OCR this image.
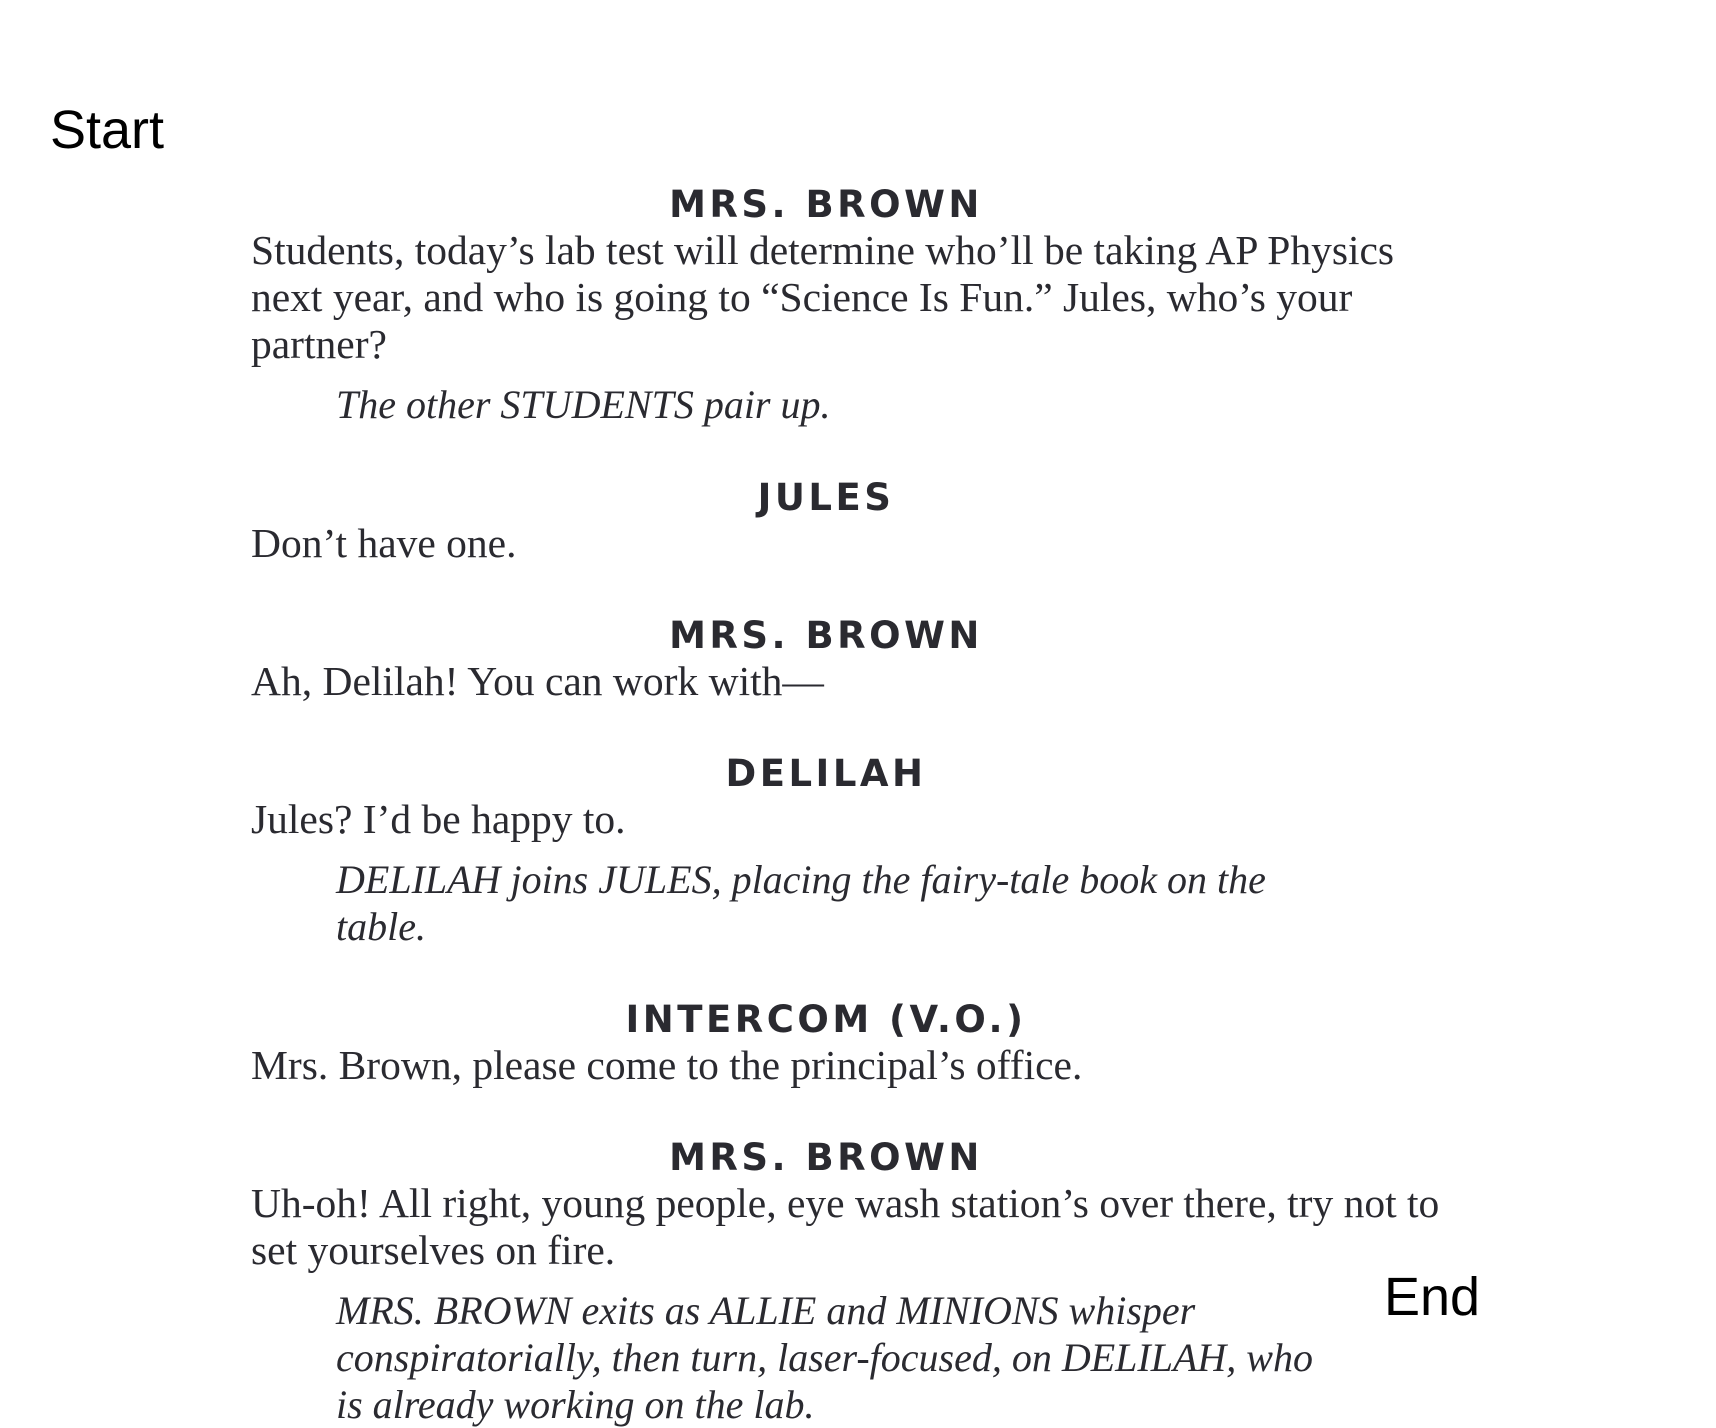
Start
MRS. BROWN

Students, today’s lab test will determine who’ll be taking AP Physics next year, and who is going to “Science Is Fun.” Jules, who’s your partner?

The other STUDENTS pair up.

JULES

Don’t have one.

MRS. BROWN

Ah, Delilah! You can work with—

DELILAH

Jules? I’d be happy to.

DELILAH joins JULES, placing the fairy-tale book on the table.

INTERCOM (V.O.)

Mrs. Brown, please come to the principal’s office.

MRS. BROWN

Uh-oh! All right, young people, eye wash station’s over there, try not to set yourselves on fire.

MRS. BROWN exits as ALLIE and MINIONS whisper conspiratorially, then turn, laser-focused, on DELILAH, who is already working on the lab.

End
